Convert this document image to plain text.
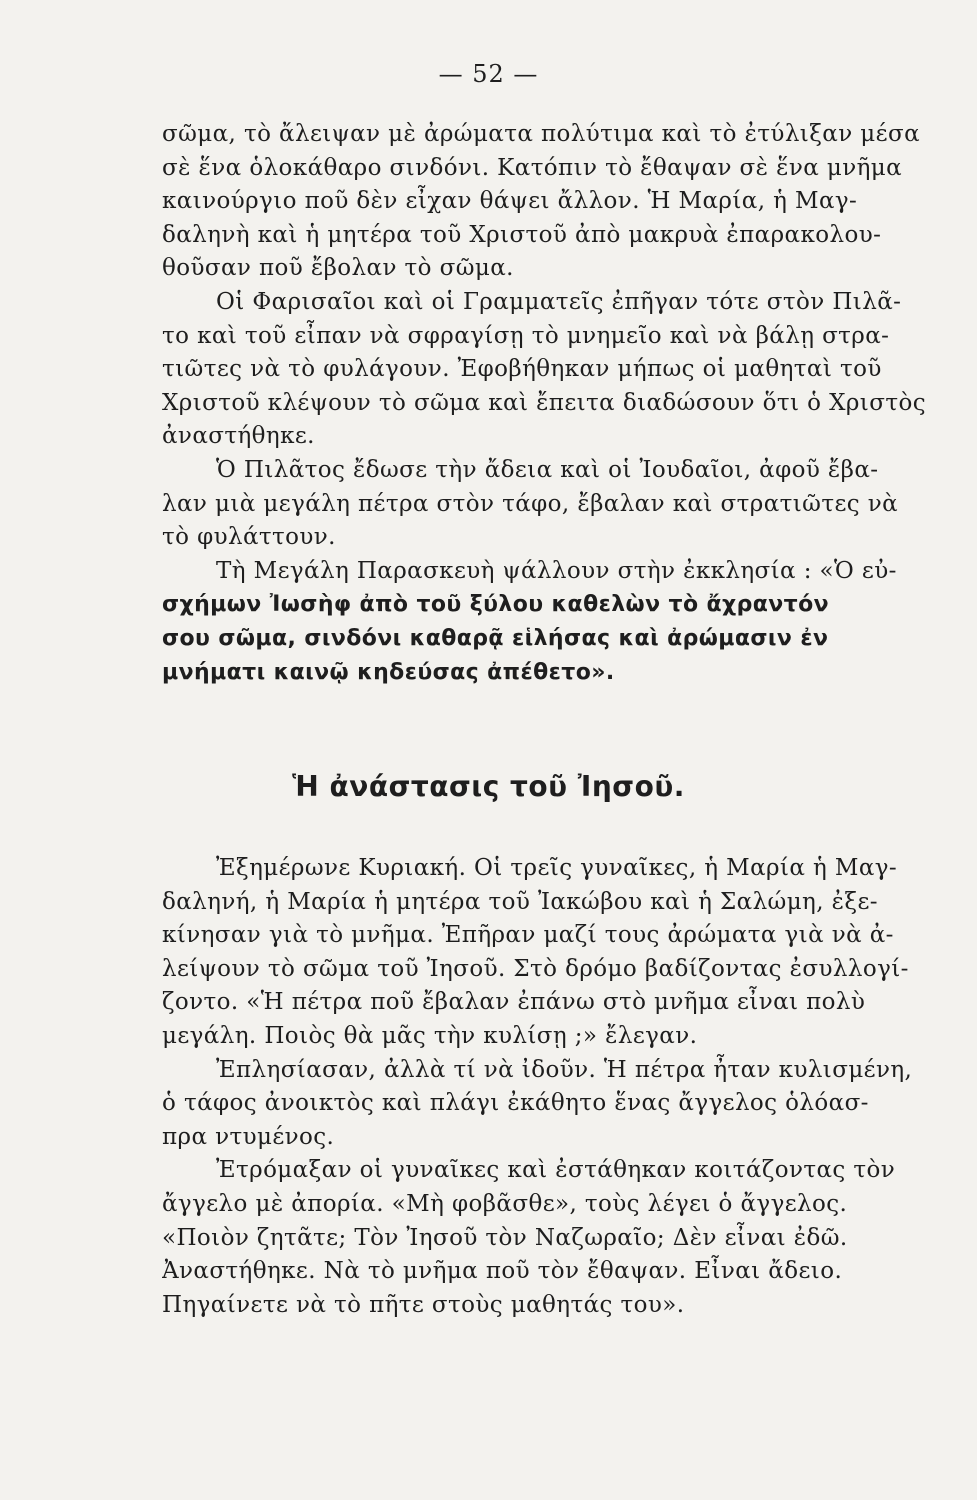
— 52 —
σῶμα, τὸ ἄλειψαν μὲ ἀρώματα πολύτιμα καὶ τὸ ἐτύλιξαν μέσα
σὲ ἕνα ὁλοκάθαρο σινδόνι. Κατόπιν τὸ ἔθαψαν σὲ ἕνα μνῆμα
καινούργιο ποῦ δὲν εἶχαν θάψει ἄλλον. Ἡ Μαρία, ἡ Μαγ-
δαληνὴ καὶ ἡ μητέρα τοῦ Χριστοῦ ἀπὸ μακρυὰ ἐπαρακολου-
θοῦσαν ποῦ ἔβολαν τὸ σῶμα.
Οἱ Φαρισαῖοι καὶ οἱ Γραμματεῖς ἐπῆγαν τότε στὸν Πιλᾶ-
το καὶ τοῦ εἶπαν νὰ σφραγίσῃ τὸ μνημεῖο καὶ νὰ βάλῃ στρα-
τιῶτες νὰ τὸ φυλάγουν. Ἐφοβήθηκαν μήπως οἱ μαθηταὶ τοῦ
Χριστοῦ κλέψουν τὸ σῶμα καὶ ἔπειτα διαδώσουν ὅτι ὁ Χριστὸς
ἀναστήθηκε.
Ὁ Πιλᾶτος ἔδωσε τὴν ἄδεια καὶ οἱ Ἰουδαῖοι, ἀφοῦ ἔβα-
λαν μιὰ μεγάλη πέτρα στὸν τάφο, ἔβαλαν καὶ στρατιῶτες νὰ
τὸ φυλάττουν.
Τὴ Μεγάλη Παρασκευὴ ψάλλουν στὴν ἐκκλησία : «Ὁ εὐ-
σχήμων Ἰωσὴφ ἀπὸ τοῦ ξύλου καθελὼν τὸ ἄχραντόν
σου σῶμα, σινδόνι καθαρᾷ εἱλήσας καὶ ἀρώμασιν ἐν
μνήματι καινῷ κηδεύσας ἀπέθετο».
Ἡ ἀνάστασις τοῦ Ἰησοῦ.
Ἐξημέρωνε Κυριακή. Οἱ τρεῖς γυναῖκες, ἡ Μαρία ἡ Μαγ-
δαληνή, ἡ Μαρία ἡ μητέρα τοῦ Ἰακώβου καὶ ἡ Σαλώμη, ἐξε-
κίνησαν γιὰ τὸ μνῆμα. Ἐπῆραν μαζί τους ἀρώματα γιὰ νὰ ἀ-
λείψουν τὸ σῶμα τοῦ Ἰησοῦ. Στὸ δρόμο βαδίζοντας ἐσυλλογί-
ζοντο. «Ἡ πέτρα ποῦ ἔβαλαν ἐπάνω στὸ μνῆμα εἶναι πολὺ
μεγάλη. Ποιὸς θὰ μᾶς τὴν κυλίσῃ ;» ἔλεγαν.
Ἐπλησίασαν, ἀλλὰ τί νὰ ἰδοῦν. Ἡ πέτρα ἦταν κυλισμένη,
ὁ τάφος ἀνοικτὸς καὶ πλάγι ἐκάθητο ἕνας ἄγγελος ὁλόασ-
πρα ντυμένος.
Ἐτρόμαξαν οἱ γυναῖκες καὶ ἐστάθηκαν κοιτάζοντας τὸν
ἄγγελο μὲ ἀπορία. «Μὴ φοβᾶσθε», τοὺς λέγει ὁ ἄγγελος.
«Ποιὸν ζητᾶτε; Τὸν Ἰησοῦ τὸν Ναζωραῖο; Δὲν εἶναι ἐδῶ.
Ἀναστήθηκε. Νὰ τὸ μνῆμα ποῦ τὸν ἔθαψαν. Εἶναι ἄδειο.
Πηγαίνετε νὰ τὸ πῆτε στοὺς μαθητάς του».
